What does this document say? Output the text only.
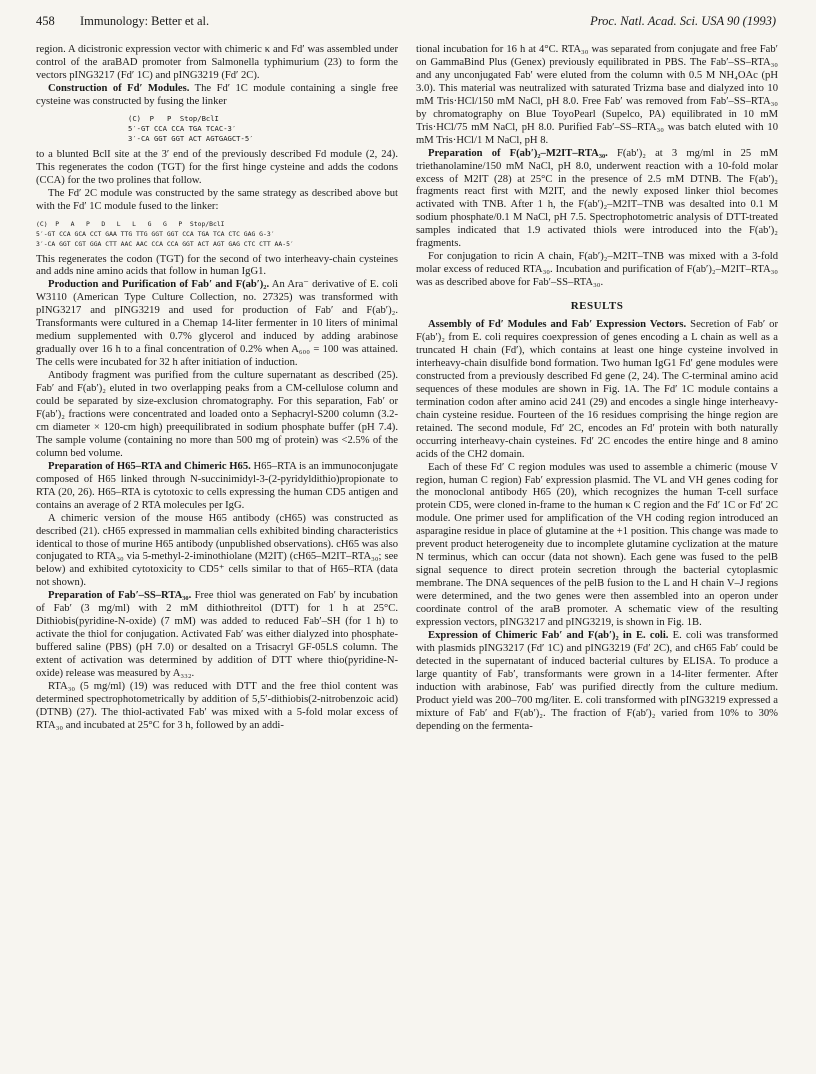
458 Immunology: Better et al.	Proc. Natl. Acad. Sci. USA 90 (1993)

region. A dicistronic expression vector with chimeric κ and Fd′ was assembled under control of the araBAD promoter from Salmonella typhimurium (23) to form the vectors pING3217 (Fd′ 1C) and pING3219 (Fd′ 2C).

Construction of Fd′ Modules. The Fd′ 1C module containing a single free cysteine was constructed by fusing the linker

(C)  P   P  Stop/BclI
5′-GT CCA CCA TGA TCAC-3′
3′-CA GGT GGT ACT AGTGAGCT-5′

to a blunted BclI site at the 3′ end of the previously described Fd module (2, 24). This regenerates the codon (TGT) for the first hinge cysteine and adds the codons (CCA) for the two prolines that follow.

The Fd′ 2C module was constructed by the same strategy as described above but with the Fd′ 1C module fused to the linker:

(C)  P   A   P   D   L   L   G   G   P  Stop/BclI
5′-GT CCA GCA CCT GAA TTG TTG GGT GGT CCA TGA TCA CTC GAG G-3′
3′-CA GGT CGT GGA CTT AAC AAC CCA CCA GGT ACT AGT GAG CTC CTT AA-5′

This regenerates the codon (TGT) for the second of two interheavy-chain cysteines and adds nine amino acids that follow in human IgG1.

Production and Purification of Fab′ and F(ab′)₂. An Ara⁻ derivative of E. coli W3110 (American Type Culture Collection, no. 27325) was transformed with pING3217 and pING3219 and used for production of Fab′ and F(ab′)₂. Transformants were cultured in a Chemap 14-liter fermenter in 10 liters of minimal medium supplemented with 0.7% glycerol and induced by adding arabinose gradually over 16 h to a final concentration of 0.2% when A₆₀₀ = 100 was attained. The cells were incubated for 32 h after initiation of induction.

Antibody fragment was purified from the culture supernatant as described (25). Fab′ and F(ab′)₂ eluted in two overlapping peaks from a CM-cellulose column and could be separated by size-exclusion chromatography. For this separation, Fab′ or F(ab′)₂ fractions were concentrated and loaded onto a Sephacryl-S200 column (3.2-cm diameter × 120-cm high) preequilibrated in sodium phosphate buffer (pH 7.4). The sample volume (containing no more than 500 mg of protein) was <2.5% of the column bed volume.

Preparation of H65–RTA and Chimeric H65. H65–RTA is an immunoconjugate composed of H65 linked through N-succinimidyl-3-(2-pyridyldithio)propionate to RTA (20, 26). H65–RTA is cytotoxic to cells expressing the human CD5 antigen and contains an average of 2 RTA molecules per IgG.

A chimeric version of the mouse H65 antibody (cH65) was constructed as described (21). cH65 expressed in mammalian cells exhibited binding characteristics identical to those of murine H65 antibody (unpublished observations). cH65 was also conjugated to RTA₃₀ via 5-methyl-2-iminothiolane (M2IT) (cH65–M2IT–RTA₃₀; see below) and exhibited cytotoxicity to CD5⁺ cells similar to that of H65–RTA (data not shown).

Preparation of Fab′–SS–RTA₃₀. Free thiol was generated on Fab′ by incubation of Fab′ (3 mg/ml) with 2 mM dithiothreitol (DTT) for 1 h at 25°C. Dithiobis(pyridine-N-oxide) (7 mM) was added to reduced Fab′–SH (for 1 h) to activate the thiol for conjugation. Activated Fab′ was either dialyzed into phosphate-buffered saline (PBS) (pH 7.0) or desalted on a Trisacryl GF-05LS column. The extent of activation was determined by addition of DTT where thio(pyridine-N-oxide) release was measured by A₃₃₂.

RTA₃₀ (5 mg/ml) (19) was reduced with DTT and the free thiol content was determined spectrophotometrically by addition of 5,5′-dithiobis(2-nitrobenzoic acid) (DTNB) (27). The thiol-activated Fab′ was mixed with a 5-fold molar excess of RTA₃₀ and incubated at 25°C for 3 h, followed by an addi-

tional incubation for 16 h at 4°C. RTA₃₀ was separated from conjugate and free Fab′ on GammaBind Plus (Genex) previously equilibrated in PBS. The Fab′–SS–RTA₃₀ and any unconjugated Fab′ were eluted from the column with 0.5 M NH₄OAc (pH 3.0). This material was neutralized with saturated Trizma base and dialyzed into 10 mM Tris·HCl/150 mM NaCl, pH 8.0. Free Fab′ was removed from Fab′–SS–RTA₃₀ by chromatography on Blue ToyoPearl (Supelco, PA) equilibrated in 10 mM Tris·HCl/75 mM NaCl, pH 8.0. Purified Fab′–SS–RTA₃₀ was batch eluted with 10 mM Tris·HCl/1 M NaCl, pH 8.

Preparation of F(ab′)₂–M2IT–RTA₃₀. F(ab′)₂ at 3 mg/ml in 25 mM triethanolamine/150 mM NaCl, pH 8.0, underwent reaction with a 10-fold molar excess of M2IT (28) at 25°C in the presence of 2.5 mM DTNB. The F(ab′)₂ fragments react first with M2IT, and the newly exposed linker thiol becomes activated with TNB. After 1 h, the F(ab′)₂–M2IT–TNB was desalted into 0.1 M sodium phosphate/0.1 M NaCl, pH 7.5. Spectrophotometric analysis of DTT-treated samples indicated that 1.9 activated thiols were introduced into the F(ab′)₂ fragments.

For conjugation to ricin A chain, F(ab′)₂–M2IT–TNB was mixed with a 3-fold molar excess of reduced RTA₃₀. Incubation and purification of F(ab′)₂–M2IT–RTA₃₀ was as described above for Fab′–SS–RTA₃₀.

RESULTS

Assembly of Fd′ Modules and Fab′ Expression Vectors. Secretion of Fab′ or F(ab′)₂ from E. coli requires coexpression of genes encoding a L chain as well as a truncated H chain (Fd′), which contains at least one hinge cysteine involved in interheavy-chain disulfide bond formation. Two human IgG1 Fd′ gene modules were constructed from a previously described Fd gene (2, 24). The C-terminal amino acid sequences of these modules are shown in Fig. 1A. The Fd′ 1C module contains a termination codon after amino acid 241 (29) and encodes a single hinge interheavy-chain cysteine residue. Fourteen of the 16 residues comprising the hinge region are retained. The second module, Fd′ 2C, encodes an Fd′ protein with both naturally occurring interheavy-chain cysteines. Fd′ 2C encodes the entire hinge and 8 amino acids of the CH2 domain.

Each of these Fd′ C region modules was used to assemble a chimeric (mouse V region, human C region) Fab′ expression plasmid. The VL and VH genes coding for the monoclonal antibody H65 (20), which recognizes the human T-cell surface protein CD5, were cloned in-frame to the human κ C region and the Fd′ 1C or Fd′ 2C module. One primer used for amplification of the VH coding region introduced an asparagine residue in place of glutamine at the +1 position. This change was made to prevent product heterogeneity due to incomplete glutamine cyclization at the mature N terminus, which can occur (data not shown). Each gene was fused to the pelB signal sequence to direct protein secretion through the bacterial cytoplasmic membrane. The DNA sequences of the pelB fusion to the L and H chain V–J regions were determined, and the two genes were then assembled into an operon under coordinate control of the araB promoter. A schematic view of the resulting expression vectors, pING3217 and pING3219, is shown in Fig. 1B.

Expression of Chimeric Fab′ and F(ab′)₂ in E. coli. E. coli was transformed with plasmids pING3217 (Fd′ 1C) and pING3219 (Fd′ 2C), and cH65 Fab′ could be detected in the supernatant of induced bacterial cultures by ELISA. To produce a large quantity of Fab′, transformants were grown in a 14-liter fermenter. After induction with arabinose, Fab′ was purified directly from the culture medium. Product yield was 200–700 mg/liter. E. coli transformed with pING3219 expressed a mixture of Fab′ and F(ab′)₂. The fraction of F(ab′)₂ varied from 10% to 30% depending on the fermenta-
